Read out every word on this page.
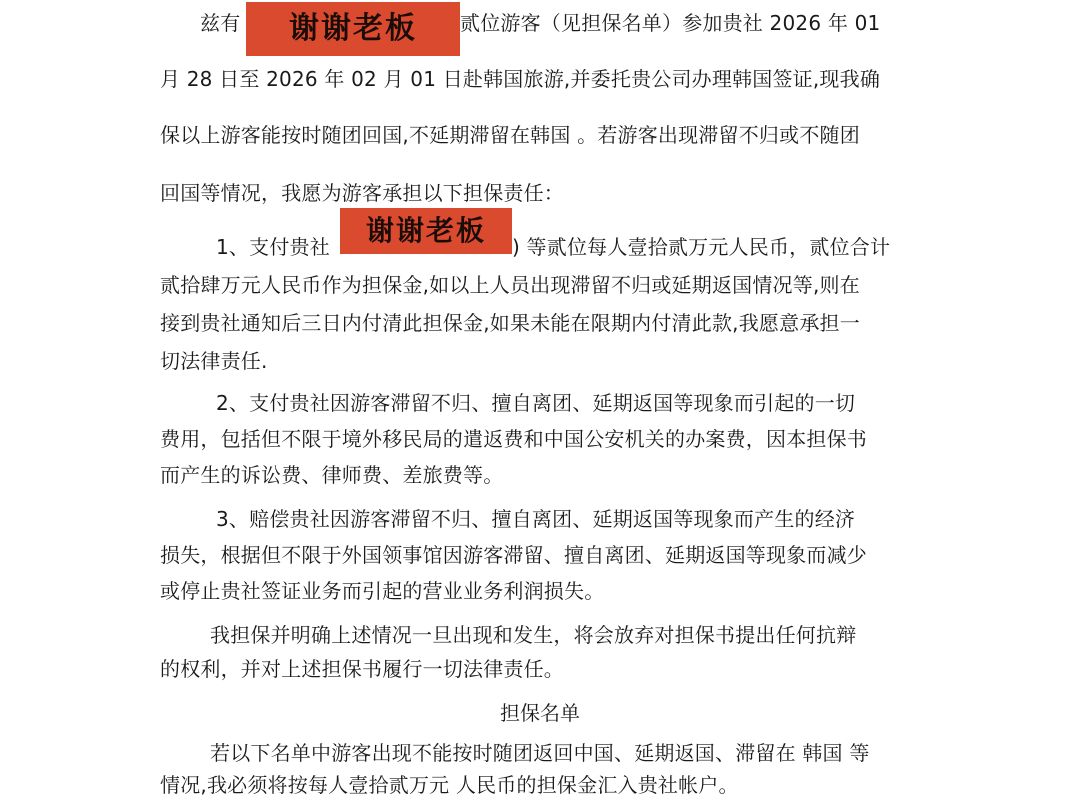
兹有	谢谢老板	贰位游客（见担保名单）参加贵社 2026 年 01
月 28 日至 2026 年 02 月 01 日赴韩国旅游,并委托贵公司办理韩国签证,现我确
保以上游客能按时随团回国,不延期滞留在韩国 。若游客出现滞留不归或不随团
回国等情况，我愿为游客承担以下担保责任：
1、支付贵社	谢谢老板	) 等贰位每人壹拾贰万元人民币，贰位合计
贰拾肆万元人民币作为担保金,如以上人员出现滞留不归或延期返国情况等,则在
接到贵社通知后三日内付清此担保金,如果未能在限期内付清此款,我愿意承担一
切法律责任.
2、支付贵社因游客滞留不归、擅自离团、延期返国等现象而引起的一切
费用，包括但不限于境外移民局的遣返费和中国公安机关的办案费，因本担保书
而产生的诉讼费、律师费、差旅费等。
3、赔偿贵社因游客滞留不归、擅自离团、延期返国等现象而产生的经济
损失，根据但不限于外国领事馆因游客滞留、擅自离团、延期返国等现象而减少
或停止贵社签证业务而引起的营业业务利润损失。
我担保并明确上述情况一旦出现和发生，将会放弃对担保书提出任何抗辩
的权利，并对上述担保书履行一切法律责任。
担保名单
若以下名单中游客出现不能按时随团返回中国、延期返国、滞留在 韩国 等
情况,我必须将按每人壹拾贰万元 人民币的担保金汇入贵社帐户。
